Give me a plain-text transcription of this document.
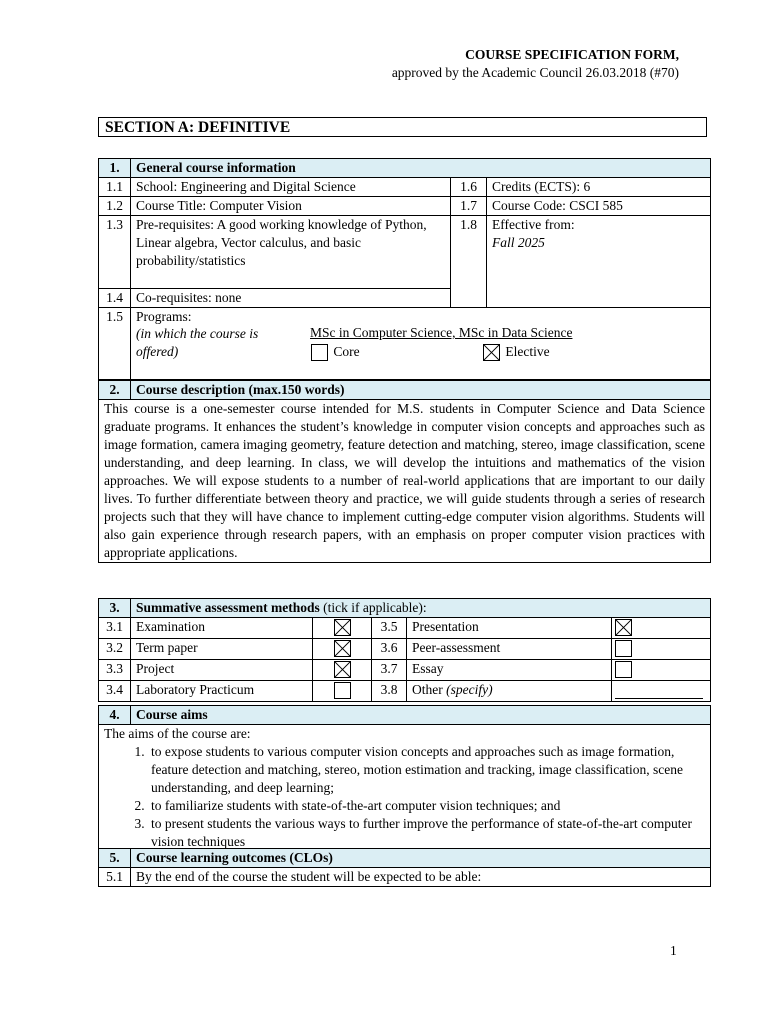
COURSE SPECIFICATION FORM,
approved by the Academic Council 26.03.2018 (#70)
SECTION A: DEFINITIVE
1.	General course information		
1.1	School: Engineering and Digital Science	1.6	Credits (ECTS): 6
1.2	Course Title: Computer Vision	1.7	Course Code: CSCI 585
1.3	Pre-requisites: A good working knowledge of Python, Linear algebra, Vector calculus, and basic probability/statistics	1.8	Effective from:
Fall 2025

1.4	Co-requisites: none		
1.5	Programs:
(in which the course is offered)
MSc in Computer Science, MSc in Data Science
Core Elective		
2.	Course description (max.150 words)
This course is a one-semester course intended for M.S. students in Computer Science and Data Science graduate programs. It enhances the student’s knowledge in computer vision concepts and approaches such as image formation, camera imaging geometry, feature detection and matching, stereo, image classification, scene understanding, and deep learning. In class, we will develop the intuitions and mathematics of the vision approaches. We will expose students to a number of real-world applications that are important to our daily lives. To further differentiate between theory and practice, we will guide students through a series of research projects such that they will have chance to implement cutting-edge computer vision algorithms. Students will also gain experience through research papers, with an emphasis on proper computer vision practices with appropriate applications.
3.	Summative assessment methods (tick if applicable):				
3.1	Examination		3.5	Presentation	
3.2	Term paper		3.6	Peer-assessment	
3.3	Project		3.7	Essay	
3.4	Laboratory Practicum		3.8	Other (specify)	
4.	Course aims

The aims of the course are:
1. to expose students to various computer vision concepts and approaches such as image formation, feature detection and matching, stereo, motion estimation and tracking, image classification, scene understanding, and deep learning;
2. to familiarize students with state-of-the-art computer vision techniques; and
3. to present students the various ways to further improve the performance of state-of-the-art computer vision techniques
5.	Course learning outcomes (CLOs)
5.1	By the end of the course the student will be expected to be able:
1
